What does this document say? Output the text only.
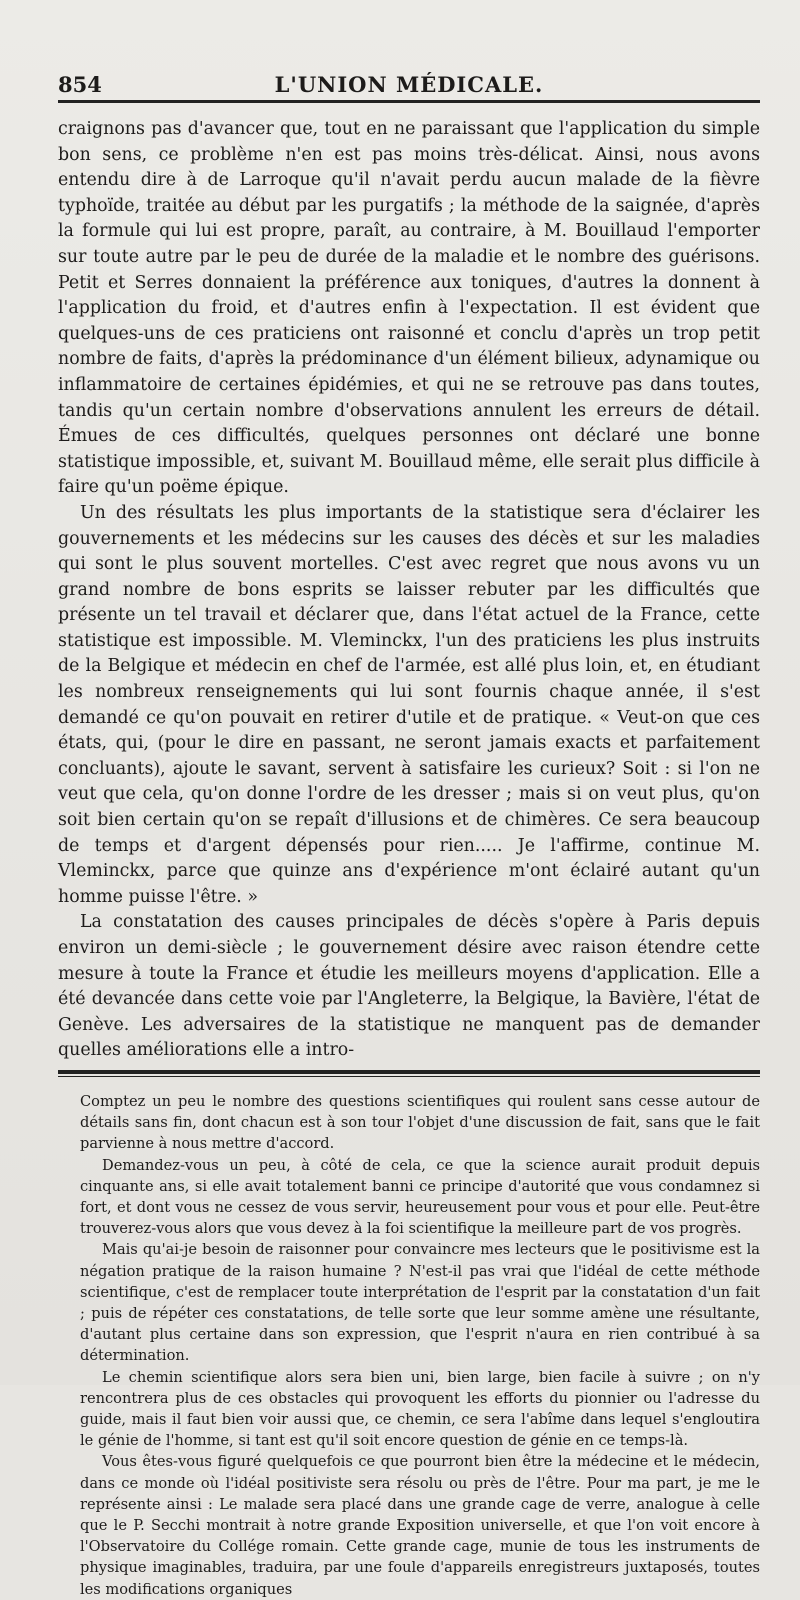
854	L'UNION MÉDICALE.

craignons pas d'avancer que, tout en ne paraissant que l'application du simple bon sens, ce problème n'en est pas moins très-délicat. Ainsi, nous avons entendu dire à de Larroque qu'il n'avait perdu aucun malade de la fièvre typhoïde, traitée au début par les purgatifs ; la méthode de la saignée, d'après la formule qui lui est propre, paraît, au contraire, à M. Bouillaud l'emporter sur toute autre par le peu de durée de la maladie et le nombre des guérisons. Petit et Serres donnaient la préférence aux toniques, d'autres la donnent à l'application du froid, et d'autres enfin à l'expectation. Il est évident que quelques-uns de ces praticiens ont raisonné et conclu d'après un trop petit nombre de faits, d'après la prédominance d'un élément bilieux, adynamique ou inflammatoire de certaines épidémies, et qui ne se retrouve pas dans toutes, tandis qu'un certain nombre d'observations annulent les erreurs de détail. Émues de ces difficultés, quelques personnes ont déclaré une bonne statistique impossible, et, suivant M. Bouillaud même, elle serait plus difficile à faire qu'un poëme épique.

Un des résultats les plus importants de la statistique sera d'éclairer les gouvernements et les médecins sur les causes des décès et sur les maladies qui sont le plus souvent mortelles. C'est avec regret que nous avons vu un grand nombre de bons esprits se laisser rebuter par les difficultés que présente un tel travail et déclarer que, dans l'état actuel de la France, cette statistique est impossible. M. Vleminckx, l'un des praticiens les plus instruits de la Belgique et médecin en chef de l'armée, est allé plus loin, et, en étudiant les nombreux renseignements qui lui sont fournis chaque année, il s'est demandé ce qu'on pouvait en retirer d'utile et de pratique. « Veut-on que ces états, qui, (pour le dire en passant, ne seront jamais exacts et parfaitement concluants), ajoute le savant, servent à satisfaire les curieux? Soit : si l'on ne veut que cela, qu'on donne l'ordre de les dresser ; mais si on veut plus, qu'on soit bien certain qu'on se repaît d'illusions et de chimères. Ce sera beaucoup de temps et d'argent dépensés pour rien..... Je l'affirme, continue M. Vleminckx, parce que quinze ans d'expérience m'ont éclairé autant qu'un homme puisse l'être. »

La constatation des causes principales de décès s'opère à Paris depuis environ un demi-siècle ; le gouvernement désire avec raison étendre cette mesure à toute la France et étudie les meilleurs moyens d'application. Elle a été devancée dans cette voie par l'Angleterre, la Belgique, la Bavière, l'état de Genève. Les adversaires de la statistique ne manquent pas de demander quelles améliorations elle a intro-

Comptez un peu le nombre des questions scientifiques qui roulent sans cesse autour de détails sans fin, dont chacun est à son tour l'objet d'une discussion de fait, sans que le fait parvienne à nous mettre d'accord.

Demandez-vous un peu, à côté de cela, ce que la science aurait produit depuis cinquante ans, si elle avait totalement banni ce principe d'autorité que vous condamnez si fort, et dont vous ne cessez de vous servir, heureusement pour vous et pour elle. Peut-être trouverez-vous alors que vous devez à la foi scientifique la meilleure part de vos progrès.

Mais qu'ai-je besoin de raisonner pour convaincre mes lecteurs que le positivisme est la négation pratique de la raison humaine ? N'est-il pas vrai que l'idéal de cette méthode scientifique, c'est de remplacer toute interprétation de l'esprit par la constatation d'un fait ; puis de répéter ces constatations, de telle sorte que leur somme amène une résultante, d'autant plus certaine dans son expression, que l'esprit n'aura en rien contribué à sa détermination.

Le chemin scientifique alors sera bien uni, bien large, bien facile à suivre ; on n'y rencontrera plus de ces obstacles qui provoquent les efforts du pionnier ou l'adresse du guide, mais il faut bien voir aussi que, ce chemin, ce sera l'abîme dans lequel s'engloutira le génie de l'homme, si tant est qu'il soit encore question de génie en ce temps-là.

Vous êtes-vous figuré quelquefois ce que pourront bien être la médecine et le médecin, dans ce monde où l'idéal positiviste sera résolu ou près de l'être. Pour ma part, je me le représente ainsi : Le malade sera placé dans une grande cage de verre, analogue à celle que le P. Secchi montrait à notre grande Exposition universelle, et que l'on voit encore à l'Observatoire du Collége romain. Cette grande cage, munie de tous les instruments de physique imaginables, traduira, par une foule d'appareils enregistreurs juxtaposés, toutes les modifications organiques
